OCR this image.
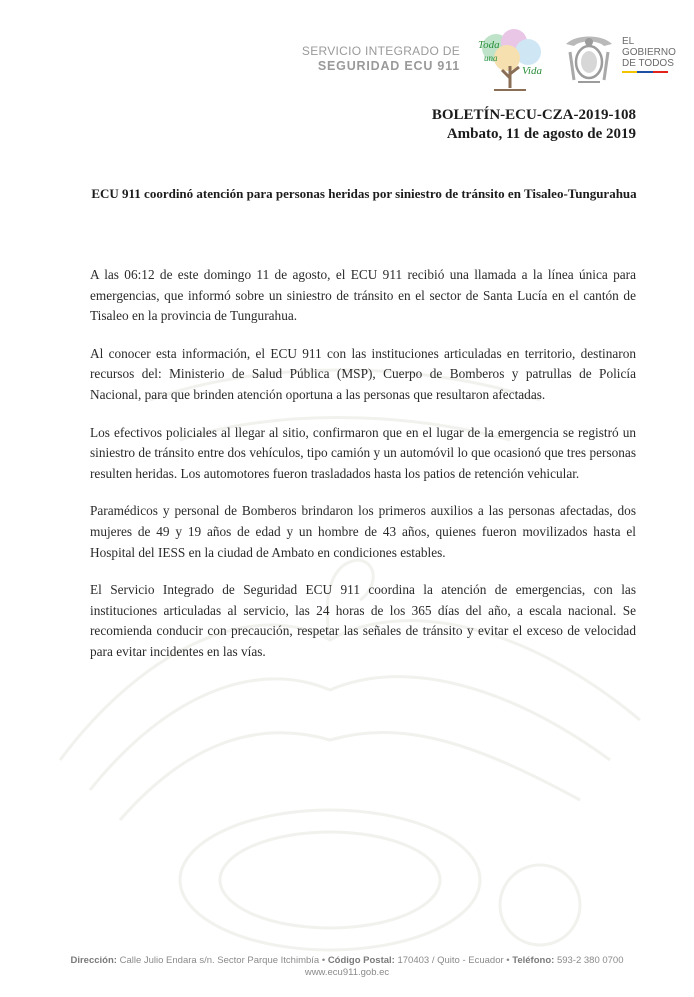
SERVICIO INTEGRADO DE
SEGURIDAD ECU 911
Toda
una
Vida
EL
GOBIERNO
DE TODOS
BOLETÍN-ECU-CZA-2019-108
Ambato, 11 de agosto de 2019
ECU 911 coordinó atención para personas heridas por siniestro de tránsito en Tisaleo-Tungurahua

A las 06:12 de este domingo 11 de agosto, el ECU 911 recibió una llamada a la línea única para emergencias, que informó sobre un siniestro de tránsito en el sector de Santa Lucía en el cantón de Tisaleo en la provincia de Tungurahua.

Al conocer esta información, el ECU 911 con las instituciones articuladas en territorio, destinaron recursos del: Ministerio de Salud Pública (MSP), Cuerpo de Bomberos y patrullas de Policía Nacional, para que brinden atención oportuna a las personas que resultaron afectadas.

Los efectivos policiales al llegar al sitio, confirmaron que en el lugar de la emergencia se registró un siniestro de tránsito entre dos vehículos, tipo camión y un automóvil lo que ocasionó que tres personas resulten heridas. Los automotores fueron trasladados hasta los patios de retención vehicular.

Paramédicos y personal de Bomberos brindaron los primeros auxilios a las personas afectadas, dos mujeres de 49 y 19 años de edad y un hombre de 43 años, quienes fueron movilizados hasta el Hospital del IESS en la ciudad de Ambato en condiciones estables.

El Servicio Integrado de Seguridad ECU 911 coordina la atención de emergencias, con las instituciones articuladas al servicio, las 24 horas de los 365 días del año, a escala nacional. Se recomienda conducir con precaución, respetar las señales de tránsito y evitar el exceso de velocidad para evitar incidentes en las vías.

Dirección: Calle Julio Endara s/n. Sector Parque Itchimbía • Código Postal: 170403 / Quito - Ecuador • Teléfono: 593-2 380 0700
www.ecu911.gob.ec
